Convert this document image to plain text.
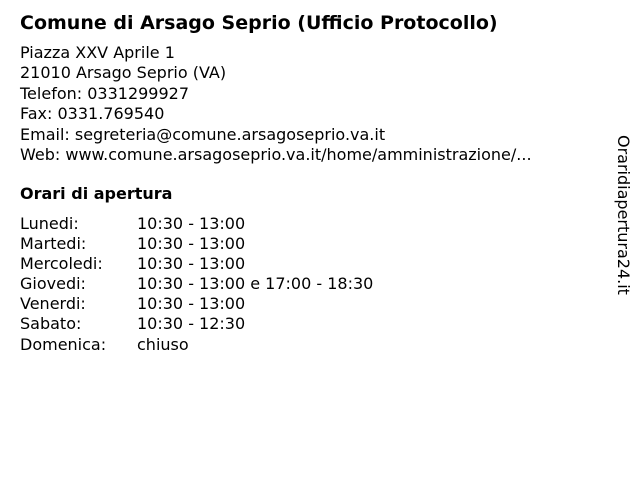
Comune di Arsago Seprio (Ufficio Protocollo)
Piazza XXV Aprile 1
21010 Arsago Seprio (VA)
Telefon: 0331299927
Fax: 0331.769540
Email: segreteria@comune.arsagoseprio.va.it
Web: www.comune.arsagoseprio.va.it/home/amministrazione/...
Orari di apertura
Lunedi:	10:30 - 13:00
Martedi:	10:30 - 13:00
Mercoledi:	10:30 - 13:00
Giovedi:	10:30 - 13:00 e 17:00 - 18:30
Venerdi:	10:30 - 13:00
Sabato:	10:30 - 12:30
Domenica:	chiuso
Oraridiapertura24.it
